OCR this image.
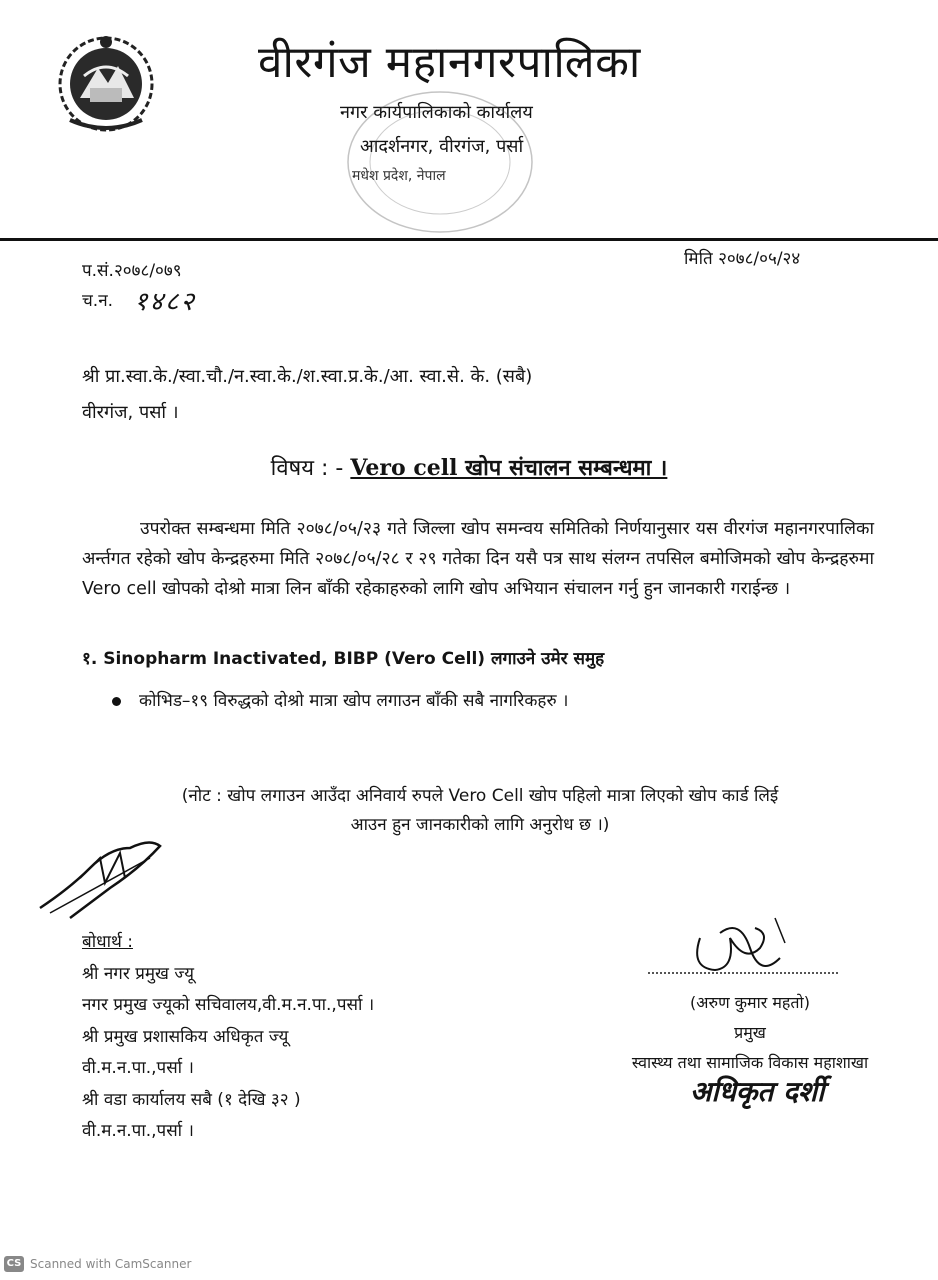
वीरगंज महानगरपालिका
नगर कार्यपालिकाको कार्यालय
आदर्शनगर, वीरगंज, पर्सा
मधेश प्रदेश, नेपाल
प.सं.२०७८/०७९
मिति २०७८/०५/२४
च.न. १४८२
श्री प्रा.स्वा.के./स्वा.चौ./न.स्वा.के./श.स्वा.प्र.के./आ. स्वा.से. के. (सबै)
वीरगंज, पर्सा ।
विषय : - Vero cell खोप संचालन सम्बन्धमा ।
उपरोक्त सम्बन्धमा मिति २०७८/०५/२३ गते जिल्ला खोप समन्वय समितिको निर्णयानुसार यस वीरगंज महानगरपालिका अर्न्तगत रहेको खोप केन्द्रहरुमा मिति २०७८/०५/२८ र २९ गतेका दिन यसै पत्र साथ संलग्न तपसिल बमोजिमको खोप केन्द्रहरुमा Vero cell खोपको दोश्रो मात्रा लिन बाँकी रहेकाहरुको लागि खोप अभियान संचालन गर्नु हुन जानकारी गराईन्छ ।
१. Sinopharm Inactivated, BIBP (Vero Cell) लगाउने उमेर समुह
कोभिड–१९ विरुद्धको दोश्रो मात्रा खोप लगाउन बाँकी सबै नागरिकहरु ।
(नोट : खोप लगाउन आउँदा अनिवार्य रुपले Vero Cell खोप पहिलो मात्रा लिएको खोप कार्ड लिई
आउन हुन जानकारीको लागि अनुरोध छ ।)
बोधार्थ :
श्री नगर प्रमुख ज्यू
नगर प्रमुख ज्यूको सचिवालय,वी.म.न.पा.,पर्सा ।
श्री प्रमुख प्रशासकिय अधिकृत ज्यू
वी.म.न.पा.,पर्सा ।
श्री वडा कार्यालय सबै (१ देखि ३२ )
वी.म.न.पा.,पर्सा ।
(अरुण कुमार महतो)
प्रमुख
स्वास्थ्य तथा सामाजिक विकास महाशाखा
अधिकृत दर्शी
CS Scanned with CamScanner
